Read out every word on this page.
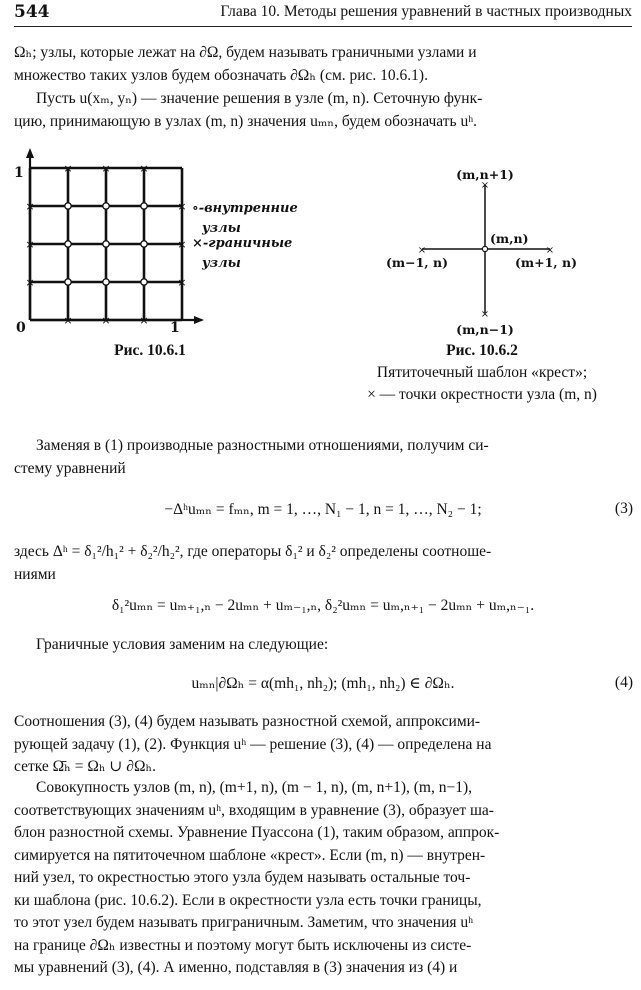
544	Глава 10. Методы решения уравнений в частных производных
Ωₕ; узлы, которые лежат на ∂Ω, будем называть граничными узлами и
множество таких узлов будем обозначать ∂Ωₕ (см. рис. 10.6.1).
Пусть u(xₘ, yₙ) — значение решения в узле (m, n). Сеточную функ-
цию, принимающую в узлах (m, n) значения uₘₙ, будем обозначать uʰ.
×	×	×
×	×	×
×
×
×
×
×
×
1
0	1
∘-внутренние
узлы
×-граничные
узлы
Рис. 10.6.1
×
×
×	×
(m,n+1)
(m,n)
(m−1, n)	(m+1, n)
(m,n−1)
Рис. 10.6.2
Пятиточечный шаблон «крест»;
× — точки окрестности узла (m, n)
Заменяя в (1) производные разностными отношениями, получим си-
стему уравнений
−Δʰuₘₙ = fₘₙ, m = 1, …, N₁ − 1, n = 1, …, N₂ − 1;	(3)
здесь Δʰ = δ₁²/h₁² + δ₂²/h₂², где операторы δ₁² и δ₂² определены соотноше-
ниями
δ₁²uₘₙ = uₘ₊₁,ₙ − 2uₘₙ + uₘ₋₁,ₙ, δ₂²uₘₙ = uₘ,ₙ₊₁ − 2uₘₙ + uₘ,ₙ₋₁.
Граничные условия заменим на следующие:
uₘₙ|∂Ωₕ = α(mh₁, nh₂); (mh₁, nh₂) ∈ ∂Ωₕ.	(4)
Соотношения (3), (4) будем называть разностной схемой, аппроксими-
рующей задачу (1), (2). Функция uʰ — решение (3), (4) — определена на
сетке Ω̄ₕ = Ωₕ ∪ ∂Ωₕ.
Совокупность узлов (m, n), (m+1, n), (m − 1, n), (m, n+1), (m, n−1),
соответствующих значениям uʰ, входящим в уравнение (3), образует ша-
блон разностной схемы. Уравнение Пуассона (1), таким образом, аппрок-
симируется на пятиточечном шаблоне «крест». Если (m, n) — внутрен-
ний узел, то окрестностью этого узла будем называть остальные точ-
ки шаблона (рис. 10.6.2). Если в окрестности узла есть точки границы,
то этот узел будем называть приграничным. Заметим, что значения uʰ
на границе ∂Ωₕ известны и поэтому могут быть исключены из систе-
мы уравнений (3), (4). А именно, подставляя в (3) значения из (4) и
